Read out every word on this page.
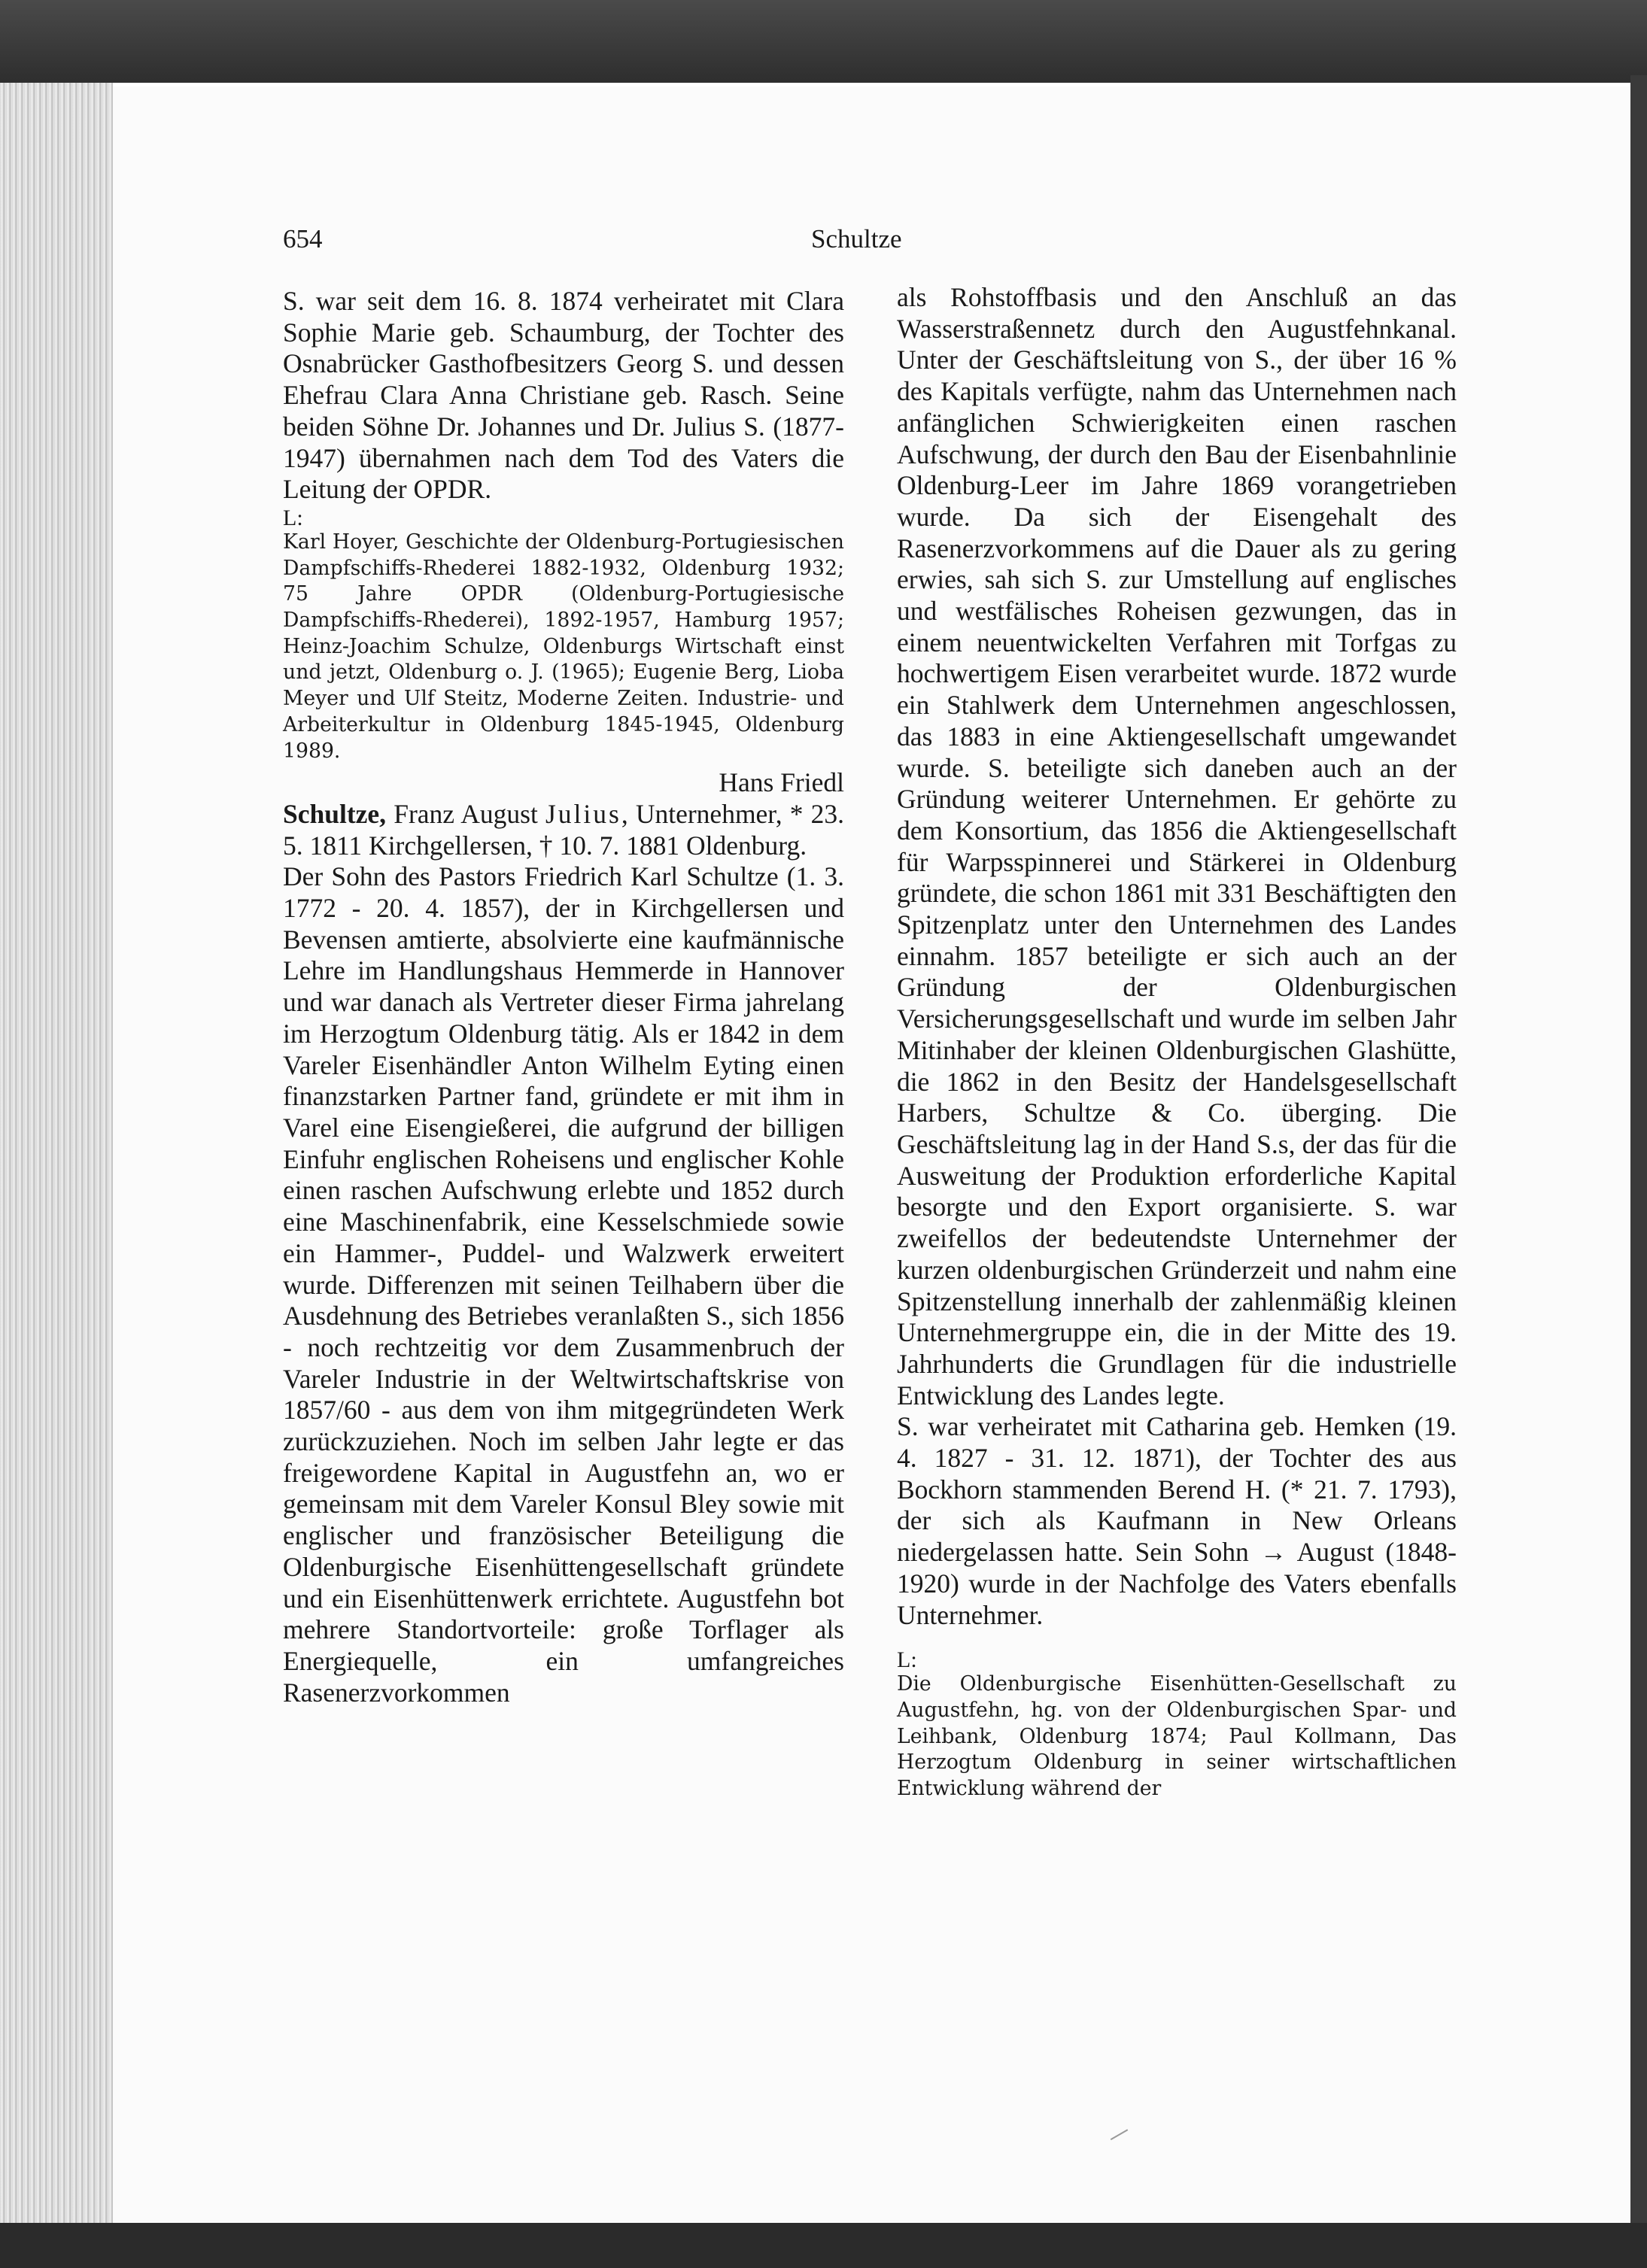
654	Schultze

S. war seit dem 16. 8. 1874 verheiratet mit Clara Sophie Marie geb. Schaumburg, der Tochter des Osnabrücker Gasthofbesitzers Georg S. und dessen Ehefrau Clara Anna Christiane geb. Rasch. Seine beiden Söhne Dr. Johannes und Dr. Julius S. (1877-1947) übernahmen nach dem Tod des Vaters die Leitung der OPDR.

L:

Karl Hoyer, Geschichte der Oldenburg-Portugiesischen Dampfschiffs-Rhederei 1882-1932, Oldenburg 1932; 75 Jahre OPDR (Oldenburg-Portugiesische Dampfschiffs-Rhederei), 1892-1957, Hamburg 1957; Heinz-Joachim Schulze, Oldenburgs Wirtschaft einst und jetzt, Oldenburg o. J. (1965); Eugenie Berg, Lioba Meyer und Ulf Steitz, Moderne Zeiten. Industrie- und Arbeiterkultur in Oldenburg 1845-1945, Oldenburg 1989.

Hans Friedl

Schultze, Franz August Julius, Unternehmer, * 23. 5. 1811 Kirchgellersen, † 10. 7. 1881 Oldenburg.

Der Sohn des Pastors Friedrich Karl Schultze (1. 3. 1772 - 20. 4. 1857), der in Kirchgellersen und Bevensen amtierte, absolvierte eine kaufmännische Lehre im Handlungshaus Hemmerde in Hannover und war danach als Vertreter dieser Firma jahrelang im Herzogtum Oldenburg tätig. Als er 1842 in dem Vareler Eisenhändler Anton Wilhelm Eyting einen finanzstarken Partner fand, gründete er mit ihm in Varel eine Eisengießerei, die aufgrund der billigen Einfuhr englischen Roheisens und englischer Kohle einen raschen Aufschwung erlebte und 1852 durch eine Maschinenfabrik, eine Kesselschmiede sowie ein Hammer-, Puddel- und Walzwerk erweitert wurde. Differenzen mit seinen Teilhabern über die Ausdehnung des Betriebes veranlaßten S., sich 1856 - noch rechtzeitig vor dem Zusammenbruch der Vareler Industrie in der Weltwirtschaftskrise von 1857/60 - aus dem von ihm mitgegründeten Werk zurückzuziehen. Noch im selben Jahr legte er das freigewordene Kapital in Augustfehn an, wo er gemeinsam mit dem Vareler Konsul Bley sowie mit englischer und französischer Beteiligung die Oldenburgische Eisenhüttengesellschaft gründete und ein Eisenhüttenwerk errichtete. Augustfehn bot mehrere Standortvorteile: große Torflager als Energiequelle, ein umfangreiches Rasenerzvorkommen

als Rohstoffbasis und den Anschluß an das Wasserstraßennetz durch den Augustfehnkanal. Unter der Geschäftsleitung von S., der über 16 % des Kapitals verfügte, nahm das Unternehmen nach anfänglichen Schwierigkeiten einen raschen Aufschwung, der durch den Bau der Eisenbahnlinie Oldenburg-Leer im Jahre 1869 vorangetrieben wurde. Da sich der Eisengehalt des Rasenerzvorkommens auf die Dauer als zu gering erwies, sah sich S. zur Umstellung auf englisches und westfälisches Roheisen gezwungen, das in einem neuentwickelten Verfahren mit Torfgas zu hochwertigem Eisen verarbeitet wurde. 1872 wurde ein Stahlwerk dem Unternehmen angeschlossen, das 1883 in eine Aktiengesellschaft umgewandet wurde. S. beteiligte sich daneben auch an der Gründung weiterer Unternehmen. Er gehörte zu dem Konsortium, das 1856 die Aktiengesellschaft für Warpsspinnerei und Stärkerei in Oldenburg gründete, die schon 1861 mit 331 Beschäftigten den Spitzenplatz unter den Unternehmen des Landes einnahm. 1857 beteiligte er sich auch an der Gründung der Oldenburgischen Versicherungsgesellschaft und wurde im selben Jahr Mitinhaber der kleinen Oldenburgischen Glashütte, die 1862 in den Besitz der Handelsgesellschaft Harbers, Schultze & Co. überging. Die Geschäftsleitung lag in der Hand S.s, der das für die Ausweitung der Produktion erforderliche Kapital besorgte und den Export organisierte. S. war zweifellos der bedeutendste Unternehmer der kurzen oldenburgischen Gründerzeit und nahm eine Spitzenstellung innerhalb der zahlenmäßig kleinen Unternehmergruppe ein, die in der Mitte des 19. Jahrhunderts die Grundlagen für die industrielle Entwicklung des Landes legte.

S. war verheiratet mit Catharina geb. Hemken (19. 4. 1827 - 31. 12. 1871), der Tochter des aus Bockhorn stammenden Berend H. (* 21. 7. 1793), der sich als Kaufmann in New Orleans niedergelassen hatte. Sein Sohn → August (1848-1920) wurde in der Nachfolge des Vaters ebenfalls Unternehmer.

L:

Die Oldenburgische Eisenhütten-Gesellschaft zu Augustfehn, hg. von der Oldenburgischen Spar- und Leihbank, Oldenburg 1874; Paul Kollmann, Das Herzogtum Oldenburg in seiner wirtschaftlichen Entwicklung während der
